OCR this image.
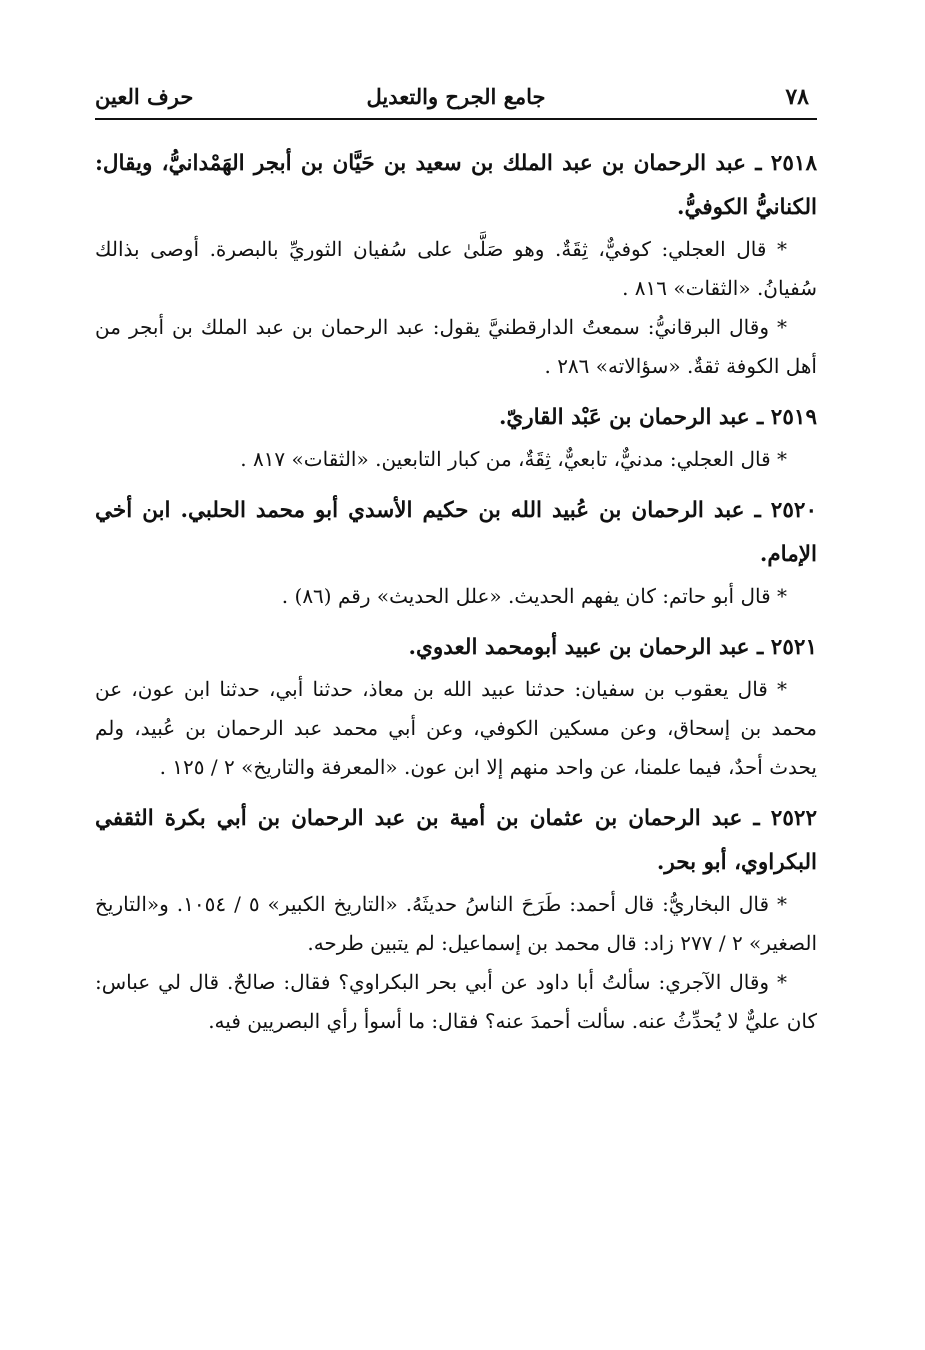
٧٨
جامع الجرح والتعديل
حرف العين

٢٥١٨ ـ عبد الرحمان بن عبد الملك بن سعيد بن حَيَّان بن أبجر الهَمْدانيُّ، ويقال: الكنانيُّ الكوفيُّ.

* قال العجلي: كوفيٌّ، ثِقَةٌ. وهو صَلَّىٰ على سُفيان الثوريِّ بالبصرة. أوصى بذالك سُفيانُ. «الثقات» ٨١٦ .

* وقال البرقانيُّ: سمعتُ الدارقطنيَّ يقول: عبد الرحمان بن عبد الملك بن أبجر من أهل الكوفة ثقةٌ. «سؤالاته» ٢٨٦ .

٢٥١٩ ـ عبد الرحمان بن عَبْد القاريّ.

* قال العجلي: مدنيٌّ، تابعيٌّ، ثِقَةٌ، من كبار التابعين. «الثقات» ٨١٧ .

٢٥٢٠ ـ عبد الرحمان بن عُبيد الله بن حكيم الأسدي أبو محمد الحلبي. ابن أخي الإمام.

* قال أبو حاتم: كان يفهم الحديث. «علل الحديث» رقم (٨٦) .

٢٥٢١ ـ عبد الرحمان بن عبيد أبومحمد العدوي.

* قال يعقوب بن سفيان: حدثنا عبيد الله بن معاذ، حدثنا أبي، حدثنا ابن عون، عن محمد بن إسحاق، وعن مسكين الكوفي، وعن أبي محمد عبد الرحمان بن عُبيد، ولم يحدث أحدٌ، فيما علمنا، عن واحد منهم إلا ابن عون. «المعرفة والتاريخ» ٢ / ١٢٥ .

٢٥٢٢ ـ عبد الرحمان بن عثمان بن أمية بن عبد الرحمان بن أبي بكرة الثقفي البكراوي، أبو بحر.

* قال البخاريُّ: قال أحمد: طَرَحَ الناسُ حديثَهُ. «التاريخ الكبير» ٥ / ١٠٥٤. و«التاريخ الصغير» ٢ / ٢٧٧ زاد: قال محمد بن إسماعيل: لم يتبين طرحه.

* وقال الآجري: سألتُ أبا داود عن أبي بحر البكراوي؟ فقال: صالحٌ. قال لي عباس: كان عليٌّ لا يُحدِّثُ عنه. سألت أحمدَ عنه؟ فقال: ما أسوأ رأي البصريين فيه.
